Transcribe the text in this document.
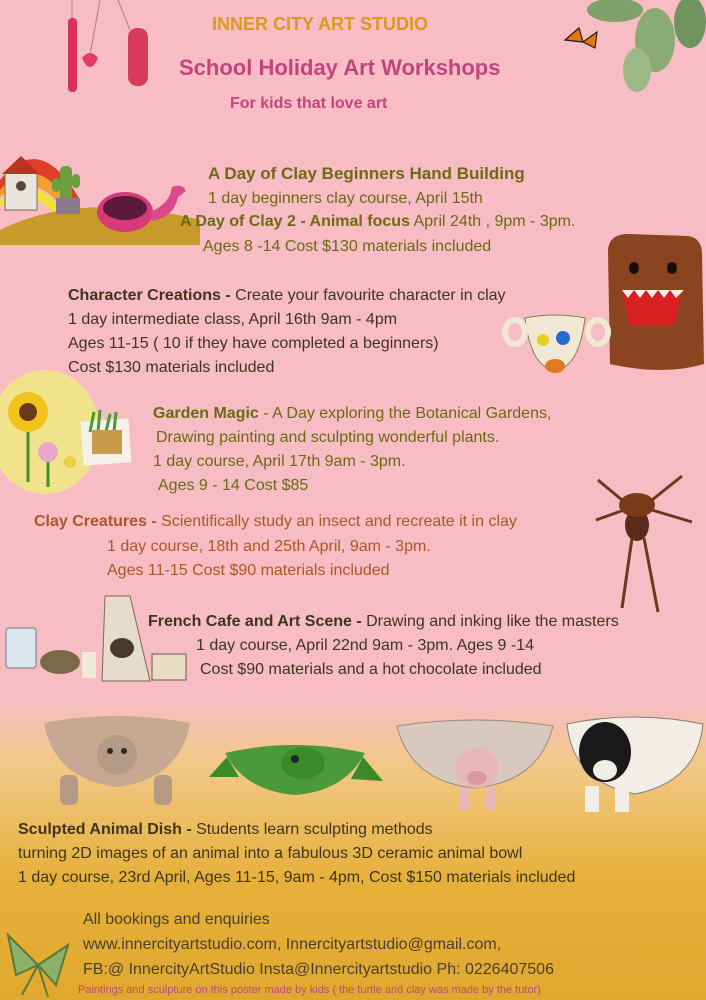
INNER CITY ART STUDIO
School Holiday Art Workshops
For kids that love art
A Day of Clay Beginners Hand Building
1 day beginners clay course, April 15th
A Day of Clay 2 - Animal focus April 24th , 9pm - 3pm.
Ages 8 -14 Cost $130 materials included
Character Creations - Create your favourite character in clay
1 day intermediate class, April 16th 9am - 4pm
Ages 11-15 ( 10 if they have completed a beginners)
Cost $130 materials included
Garden Magic - A Day exploring the Botanical Gardens,
Drawing painting and sculpting wonderful plants.
1 day course, April 17th 9am - 3pm.
Ages 9 - 14 Cost $85
Clay Creatures - Scientifically study an insect and recreate it in clay
1 day course, 18th and 25th April, 9am - 3pm.
Ages 11-15 Cost $90 materials included
French Cafe and Art Scene - Drawing and inking like the masters
1 day course, April 22nd 9am - 3pm. Ages 9 -14
Cost $90 materials and a hot chocolate included
Sculpted Animal Dish - Students learn sculpting methods
turning 2D images of an animal into a fabulous 3D ceramic animal bowl
1 day course, 23rd April, Ages 11-15, 9am - 4pm, Cost $150 materials included
All bookings and enquiries
www.innercityartstudio.com, Innercityartstudio@gmail.com,
FB:@ InnercityArtStudio Insta@Innercityartstudio Ph: 0226407506
Paintings and sculpture on this poster made by kids ( the turtle and clay was made by the tutor)
